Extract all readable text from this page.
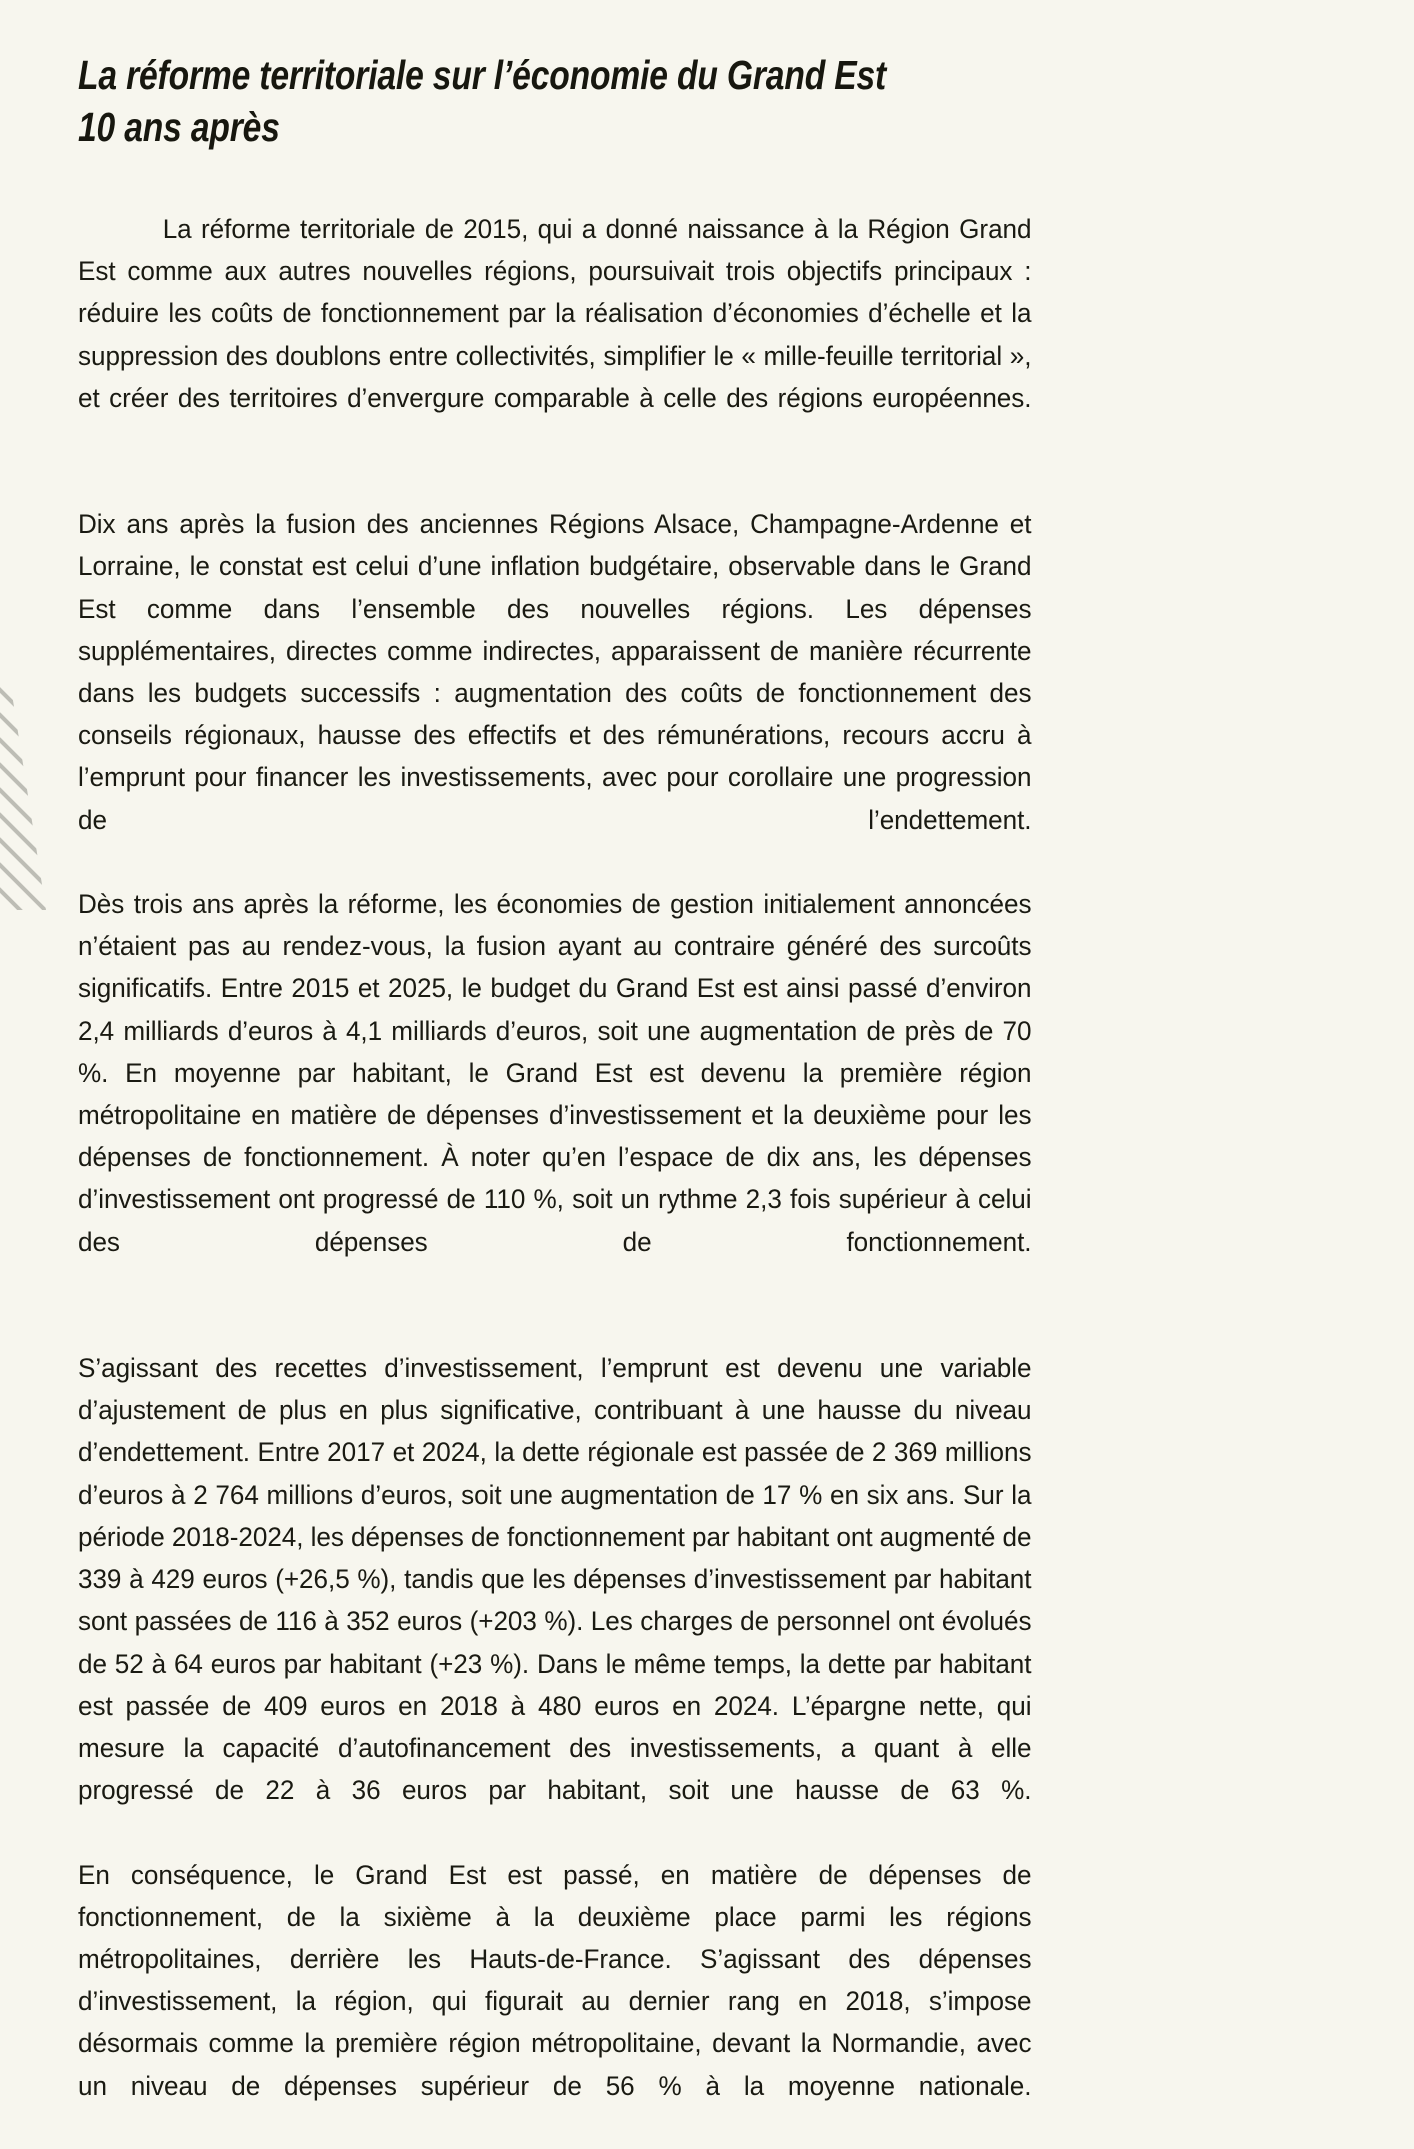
La réforme territoriale sur l’économie du Grand Est 10 ans après

La réforme territoriale de 2015, qui a donné naissance à la Région Grand Est comme aux autres nouvelles régions, poursuivait trois objectifs principaux : réduire les coûts de fonctionnement par la réalisation d’économies d’échelle et la suppression des doublons entre collectivités, simplifier le « mille-feuille territorial », et créer des territoires d’envergure comparable à celle des régions européennes.

Dix ans après la fusion des anciennes Régions Alsace, Champagne-Ardenne et Lorraine, le constat est celui d’une inflation budgétaire, observable dans le Grand Est comme dans l’ensemble des nouvelles régions. Les dépenses supplémentaires, directes comme indirectes, apparaissent de manière récurrente dans les budgets successifs : augmentation des coûts de fonctionnement des conseils régionaux, hausse des effectifs et des rémunérations, recours accru à l’emprunt pour financer les investissements, avec pour corollaire une progression de l’endettement.

Dès trois ans après la réforme, les économies de gestion initialement annoncées n’étaient pas au rendez-vous, la fusion ayant au contraire généré des surcoûts significatifs. Entre 2015 et 2025, le budget du Grand Est est ainsi passé d’environ 2,4 milliards d’euros à 4,1 milliards d’euros, soit une augmentation de près de 70 %. En moyenne par habitant, le Grand Est est devenu la première région métropolitaine en matière de dépenses d’investissement et la deuxième pour les dépenses de fonctionnement. À noter qu’en l’espace de dix ans, les dépenses d’investissement ont progressé de 110 %, soit un rythme 2,3 fois supérieur à celui des dépenses de fonctionnement.

S’agissant des recettes d’investissement, l’emprunt est devenu une variable d’ajustement de plus en plus significative, contribuant à une hausse du niveau d’endettement. Entre 2017 et 2024, la dette régionale est passée de 2 369 millions d’euros à 2 764 millions d’euros, soit une augmentation de 17 % en six ans. Sur la période 2018-2024, les dépenses de fonctionnement par habitant ont augmenté de 339 à 429 euros (+26,5 %), tandis que les dépenses d’investissement par habitant sont passées de 116 à 352 euros (+203 %). Les charges de personnel ont évolués de 52 à 64 euros par habitant (+23 %). Dans le même temps, la dette par habitant est passée de 409 euros en 2018 à 480 euros en 2024. L’épargne nette, qui mesure la capacité d’autofinancement des investissements, a quant à elle progressé de 22 à 36 euros par habitant, soit une hausse de 63 %.

En conséquence, le Grand Est est passé, en matière de dépenses de fonctionnement, de la sixième à la deuxième place parmi les régions métropolitaines, derrière les Hauts-de-France. S’agissant des dépenses d’investissement, la région, qui figurait au dernier rang en 2018, s’impose désormais comme la première région métropolitaine, devant la Normandie, avec un niveau de dépenses supérieur de 56 % à la moyenne nationale.
